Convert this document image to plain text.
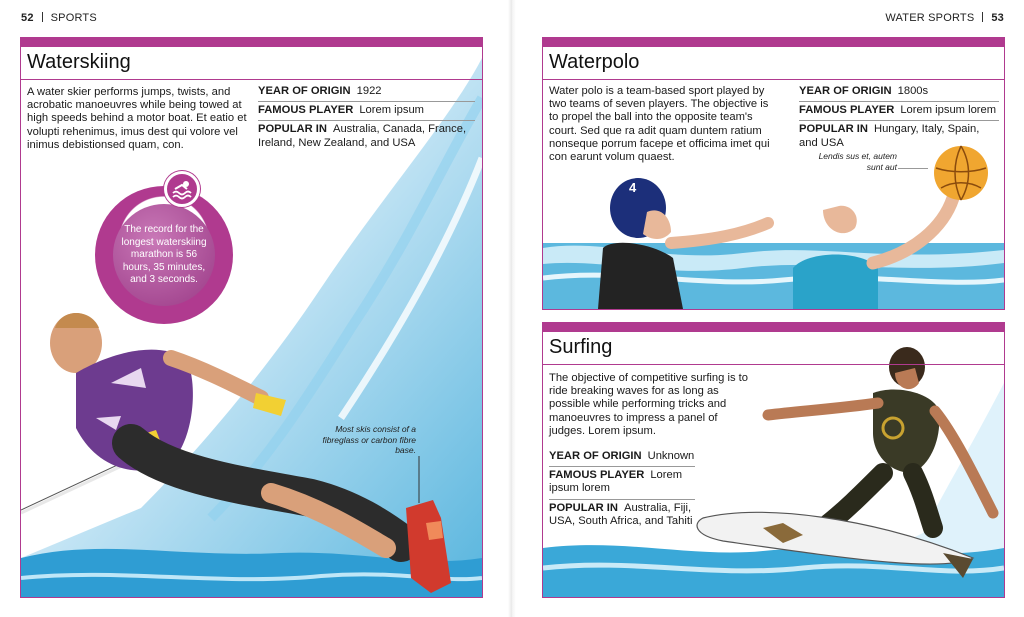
52 SPORTS	WATER SPORTS 53
Waterskiing
A water skier performs jumps, twists, and acrobatic manoeuvres while being towed at high speeds behind a motor boat. Et eatio et volupti rehenimus, imus dest qui volore vel inimus debistionsed quam, con.
YEAR OF ORIGIN 1922
FAMOUS PLAYER Lorem ipsum
POPULAR IN Australia, Canada, France, Ireland, New Zealand, and USA
The record for the longest waterskiing marathon is 56 hours, 35 minutes, and 3 seconds.
Most skis consist of a fibreglass or carbon fibre base.
4
Waterpolo
Water polo is a team-based sport played by two teams of seven players. The objective is to propel the ball into the opposite team's court. Sed que ra adit quam duntem ratium nonseque porrum facepe et officima imet qui con earunt volum quaest.
YEAR OF ORIGIN 1800s
FAMOUS PLAYER Lorem ipsum lorem
POPULAR IN Hungary, Italy, Spain, and USA
Lendis sus et, autem sunt aut
Surfing
The objective of competitive surfing is to ride breaking waves for as long as possible while performing tricks and manoeuvres to impress a panel of judges. Lorem ipsum.
YEAR OF ORIGIN Unknown
FAMOUS PLAYER Lorem ipsum lorem
POPULAR IN Australia, Fiji, USA, South Africa, and Tahiti
